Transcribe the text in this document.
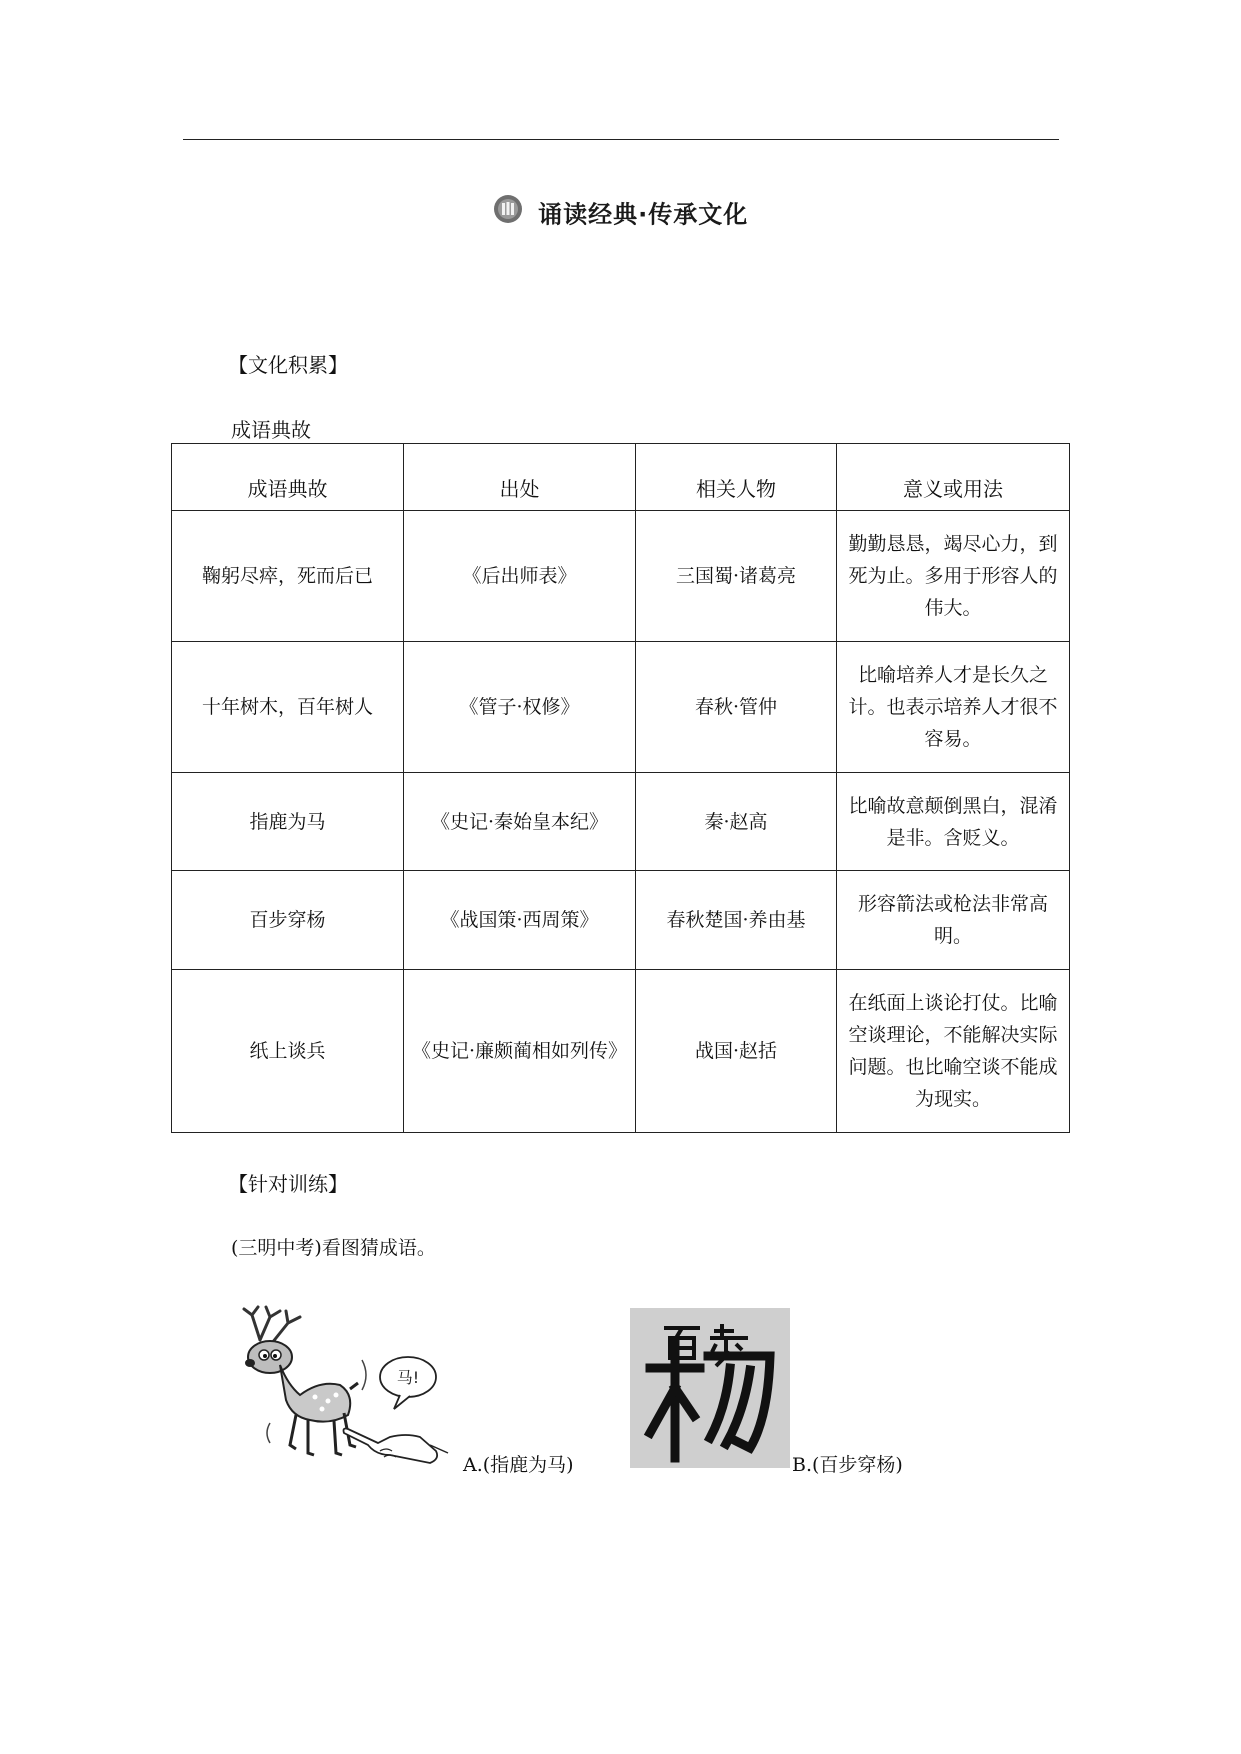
诵读经典·传承文化
【文化积累】
成语典故
成语典故	出处	相关人物	意义或用法
鞠躬尽瘁，死而后已	《后出师表》	三国蜀·诸葛亮	勤勤恳恳，竭尽心力，到死为止。多用于形容人的伟大。
十年树木，百年树人	《管子·权修》	春秋·管仲	比喻培养人才是长久之计。也表示培养人才很不容易。
指鹿为马	《史记·秦始皇本纪》	秦·赵高	比喻故意颠倒黑白，混淆是非。含贬义。
百步穿杨	《战国策·西周策》	春秋楚国·养由基	形容箭法或枪法非常高明。
纸上谈兵	《史记·廉颇蔺相如列传》	战国·赵括	在纸面上谈论打仗。比喻空谈理论，不能解决实际问题。也比喻空谈不能成为现实。
【针对训练】
(三明中考)看图猜成语。
马!
A.(指鹿为马)	B.(百步穿杨)
